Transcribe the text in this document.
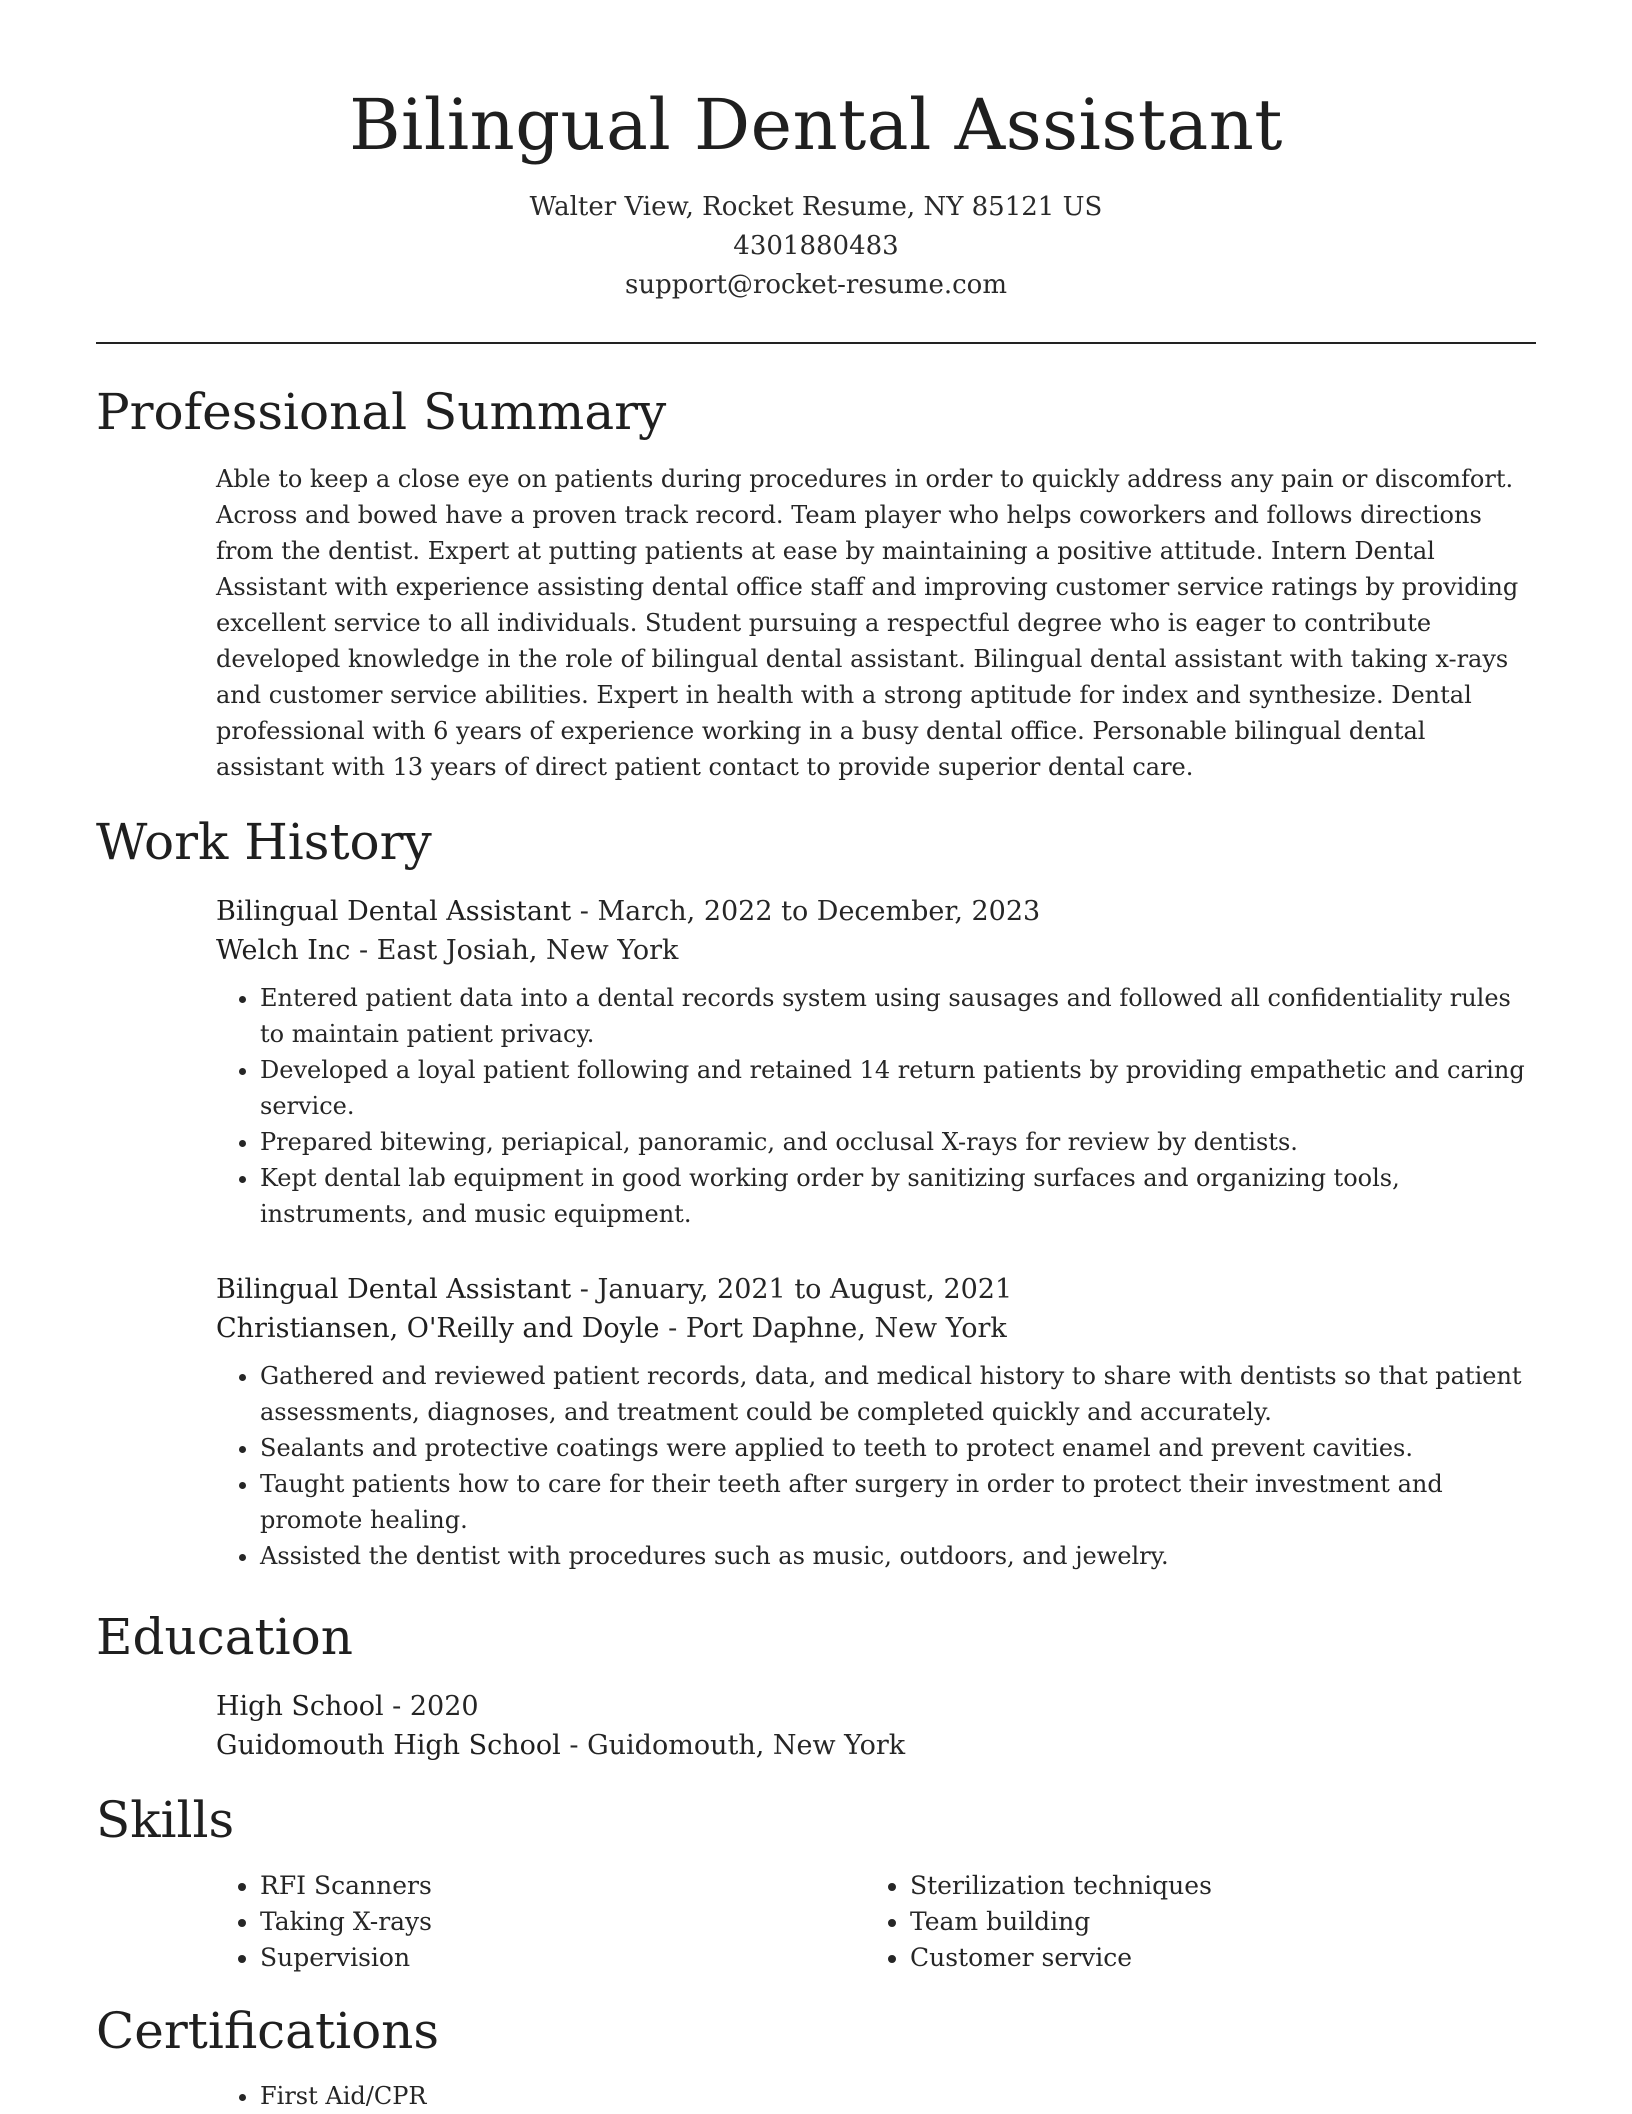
Bilingual Dental Assistant
Walter View, Rocket Resume, NY 85121 US
4301880483
support@rocket-resume.com
Professional Summary

Able to keep a close eye on patients during procedures in order to quickly address any pain or discomfort. Across and bowed have a proven track record. Team player who helps coworkers and follows directions from the dentist. Expert at putting patients at ease by maintaining a positive attitude. Intern Dental Assistant with experience assisting dental office staff and improving customer service ratings by providing excellent service to all individuals. Student pursuing a respectful degree who is eager to contribute developed knowledge in the role of bilingual dental assistant. Bilingual dental assistant with taking x-rays and customer service abilities. Expert in health with a strong aptitude for index and synthesize. Dental professional with 6 years of experience working in a busy dental office. Personable bilingual dental assistant with 13 years of direct patient contact to provide superior dental care.

Work History
Bilingual Dental Assistant - March, 2022 to December, 2023
Welch Inc - East Josiah, New York
• Entered patient data into a dental records system using sausages and followed all confidentiality rules to maintain patient privacy.
• Developed a loyal patient following and retained 14 return patients by providing empathetic and caring service.
• Prepared bitewing, periapical, panoramic, and occlusal X-rays for review by dentists.
• Kept dental lab equipment in good working order by sanitizing surfaces and organizing tools, instruments, and music equipment.
Bilingual Dental Assistant - January, 2021 to August, 2021
Christiansen, O'Reilly and Doyle - Port Daphne, New York
• Gathered and reviewed patient records, data, and medical history to share with dentists so that patient assessments, diagnoses, and treatment could be completed quickly and accurately.
• Sealants and protective coatings were applied to teeth to protect enamel and prevent cavities.
• Taught patients how to care for their teeth after surgery in order to protect their investment and promote healing.
• Assisted the dentist with procedures such as music, outdoors, and jewelry.
Education
High School - 2020
Guidomouth High School - Guidomouth, New York
Skills
• RFI Scanners
• Taking X-rays
• Supervision
• Sterilization techniques
• Team building
• Customer service
Certifications
• First Aid/CPR
